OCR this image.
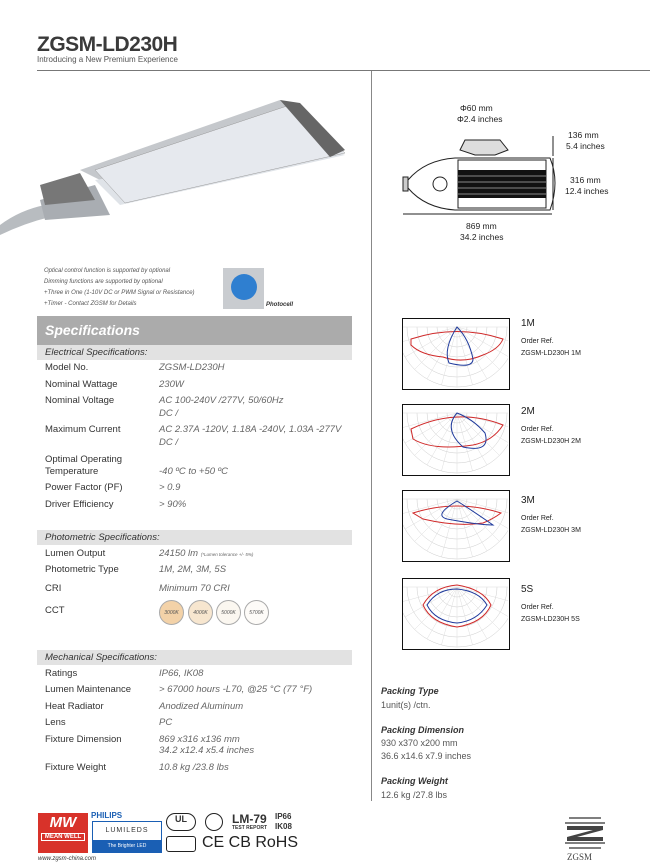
ZGSM-LD230H
Introducing a New Premium Experience
Optical control function is supported by optional
Dimming functions are supported by optional
+Three in One (1-10V DC or PWM Signal or Resistance)
+Timer - Contact ZGSM for Details	Photocell
Specifications
Electrical Specifications:
Model No.	ZGSM-LD230H
Nominal Wattage	230W
Nominal Voltage	AC 100-240V /277V, 50/60Hz
DC /
Maximum Current	AC 2.37A -120V, 1.18A -240V, 1.03A -277V
DC /
Optimal Operating
Temperature	-40 ºC to +50 ºC
Power Factor (PF)	> 0.9
Driver Efficiency	> 90%
Photometric Specifications:
Lumen Output	24150 lm (*Lumen tolerance +/- 5%)
Photometric Type	1M, 2M, 3M, 5S
CRI	Minimum 70 CRI
CCT	3000K	4000K	5000K	5700K
Mechanical Specifications:
Ratings	IP66, IK08
Lumen Maintenance	> 67000 hours -L70, @25 °C (77 °F)
Heat Radiator	Anodized Aluminum
Lens	PC
Fixture Dimension	869 x316 x136 mm
34.2 x12.4 x5.4 inches
Fixture Weight	10.8 kg /23.8 lbs
Φ60 mm
Φ2.4 inches
136 mm
5.4 inches
316 mm
12.4 inches
869 mm
34.2 inches
1M
Order Ref.
ZGSM-LD230H 1M
2M
Order Ref.
ZGSM-LD230H 2M
3M
Order Ref.
ZGSM-LD230H 3M
5S
Order Ref.
ZGSM-LD230H 5S
Packing Type
1unit(s) /ctn.
Packing Dimension
930 x370 x200 mm
36.6 x14.6 x7.9 inches
Packing Weight
12.6 kg /27.8 lbs
MW
MEAN WELL
PHILIPS
LUMILEDS
The Brighter LED
UL	LM-79
TEST REPORT
IP66
IK08
CE CB RoHS
www.zgsm-china.com	ZGSM
